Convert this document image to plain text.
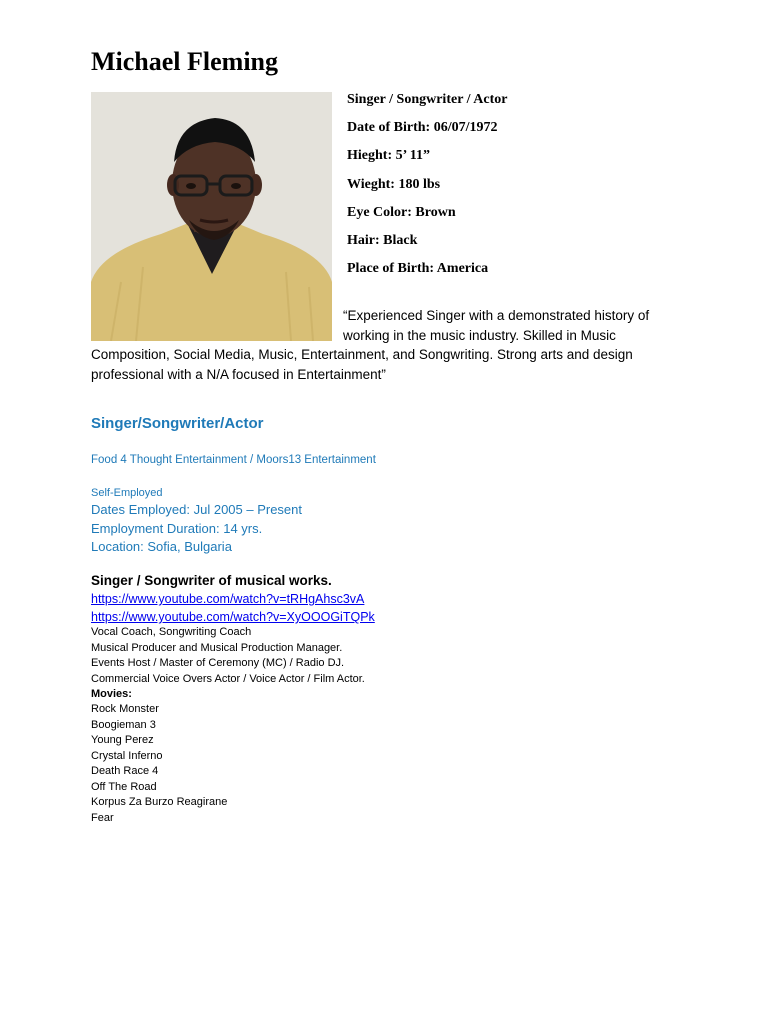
Michael Fleming
Singer / Songwriter / Actor
Date of Birth: 06/07/1972
Hieght: 5’ 11”
Wieght: 180 lbs
Eye Color: Brown
Hair: Black
Place of Birth: America

“Experienced Singer with a demonstrated history of working in the music industry. Skilled in Music Composition, Social Media, Music, Entertainment, and Songwriting. Strong arts and design professional with a N/A focused in Entertainment”

Singer/Songwriter/Actor
Food 4 Thought Entertainment / Moors13 Entertainment
Self-Employed
Dates Employed: Jul 2005 – Present
Employment Duration: 14 yrs.
Location: Sofia, Bulgaria
Singer / Songwriter of musical works.
https://www.youtube.com/watch?v=tRHgAhsc3vA
https://www.youtube.com/watch?v=XyOOOGiTQPk
Vocal Coach, Songwriting Coach
Musical Producer and Musical Production Manager.
Events Host / Master of Ceremony (MC) / Radio DJ.
Commercial Voice Overs Actor / Voice Actor / Film Actor.
Movies:
Rock Monster
Boogieman 3
Young Perez
Crystal Inferno
Death Race 4
Off The Road
Korpus Za Burzo Reagirane
Fear
